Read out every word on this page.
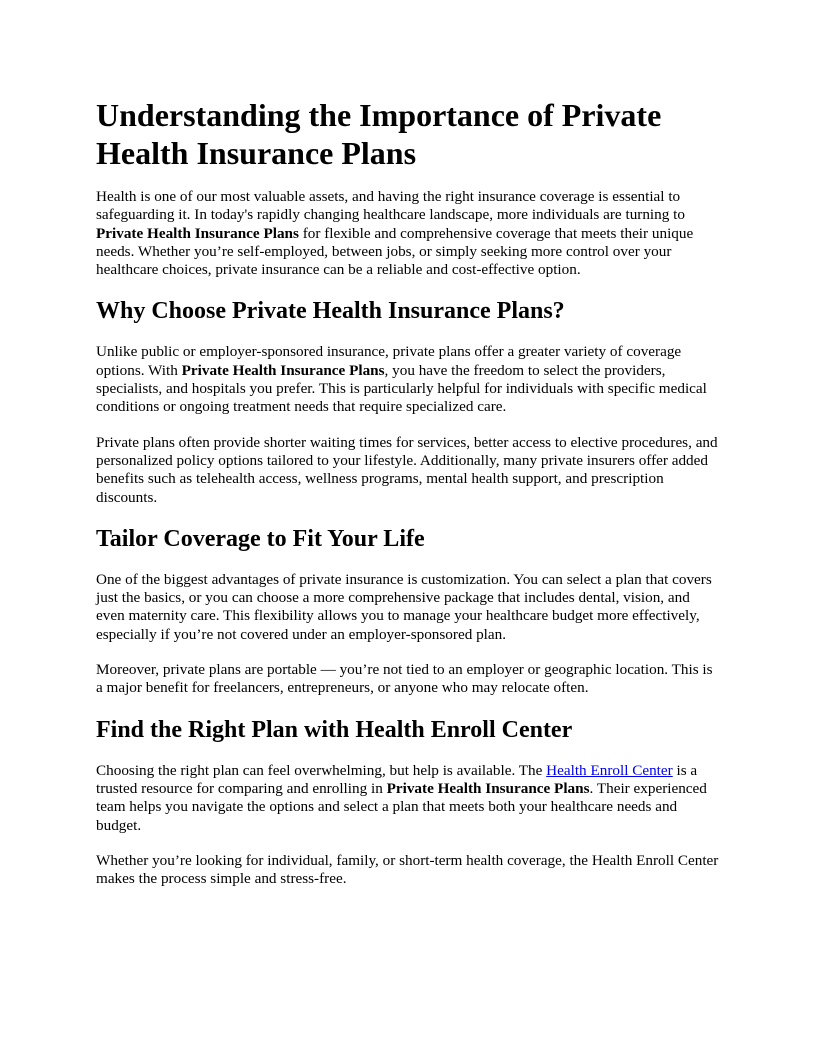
Understanding the Importance of Private Health Insurance Plans

Health is one of our most valuable assets, and having the right insurance coverage is essential to safeguarding it. In today's rapidly changing healthcare landscape, more individuals are turning to Private Health Insurance Plans for flexible and comprehensive coverage that meets their unique needs. Whether you’re self-employed, between jobs, or simply seeking more control over your healthcare choices, private insurance can be a reliable and cost-effective option.

Why Choose Private Health Insurance Plans?

Unlike public or employer-sponsored insurance, private plans offer a greater variety of coverage options. With Private Health Insurance Plans, you have the freedom to select the providers, specialists, and hospitals you prefer. This is particularly helpful for individuals with specific medical conditions or ongoing treatment needs that require specialized care.

Private plans often provide shorter waiting times for services, better access to elective procedures, and personalized policy options tailored to your lifestyle. Additionally, many private insurers offer added benefits such as telehealth access, wellness programs, mental health support, and prescription discounts.

Tailor Coverage to Fit Your Life

One of the biggest advantages of private insurance is customization. You can select a plan that covers just the basics, or you can choose a more comprehensive package that includes dental, vision, and even maternity care. This flexibility allows you to manage your healthcare budget more effectively, especially if you’re not covered under an employer-sponsored plan.

Moreover, private plans are portable — you’re not tied to an employer or geographic location. This is a major benefit for freelancers, entrepreneurs, or anyone who may relocate often.

Find the Right Plan with Health Enroll Center

Choosing the right plan can feel overwhelming, but help is available. The Health Enroll Center is a trusted resource for comparing and enrolling in Private Health Insurance Plans. Their experienced team helps you navigate the options and select a plan that meets both your healthcare needs and budget.

Whether you’re looking for individual, family, or short-term health coverage, the Health Enroll Center makes the process simple and stress-free.
